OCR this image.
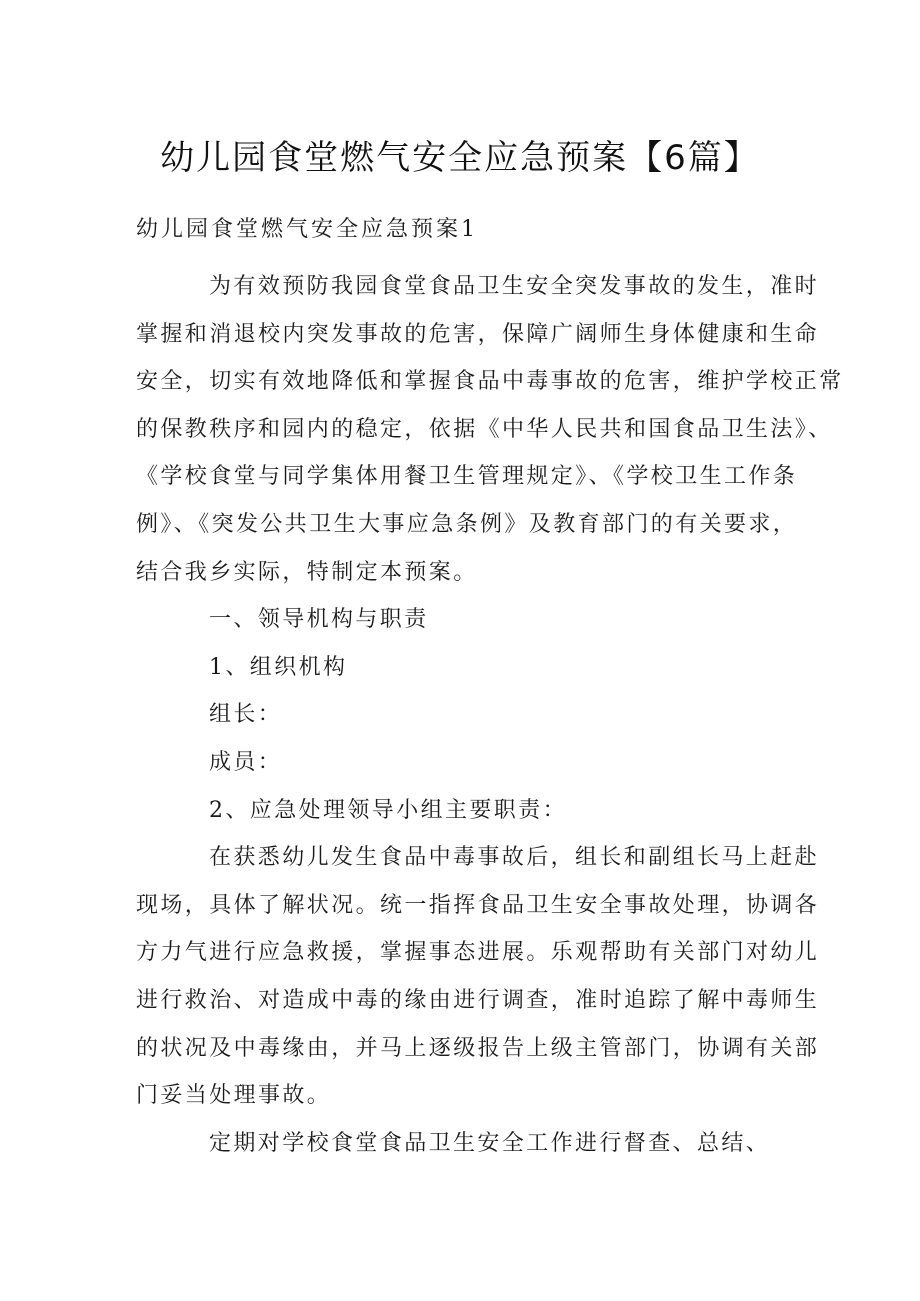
幼儿园食堂燃气安全应急预案【6篇】
幼儿园食堂燃气安全应急预案1
为有效预防我园食堂食品卫生安全突发事故的发生，准时
掌握和消退校内突发事故的危害，保障广阔师生身体健康和生命
安全，切实有效地降低和掌握食品中毒事故的危害，维护学校正常
的保教秩序和园内的稳定，依据《中华人民共和国食品卫生法》、
《学校食堂与同学集体用餐卫生管理规定》、《学校卫生工作条
例》、《突发公共卫生大事应急条例》及教育部门的有关要求，
结合我乡实际，特制定本预案。
一、领导机构与职责
1、组织机构
组长：
成员：
2、应急处理领导小组主要职责：
在获悉幼儿发生食品中毒事故后，组长和副组长马上赶赴
现场，具体了解状况。统一指挥食品卫生安全事故处理，协调各
方力气进行应急救援，掌握事态进展。乐观帮助有关部门对幼儿
进行救治、对造成中毒的缘由进行调查，准时追踪了解中毒师生
的状况及中毒缘由，并马上逐级报告上级主管部门，协调有关部
门妥当处理事故。
定期对学校食堂食品卫生安全工作进行督查、总结、
